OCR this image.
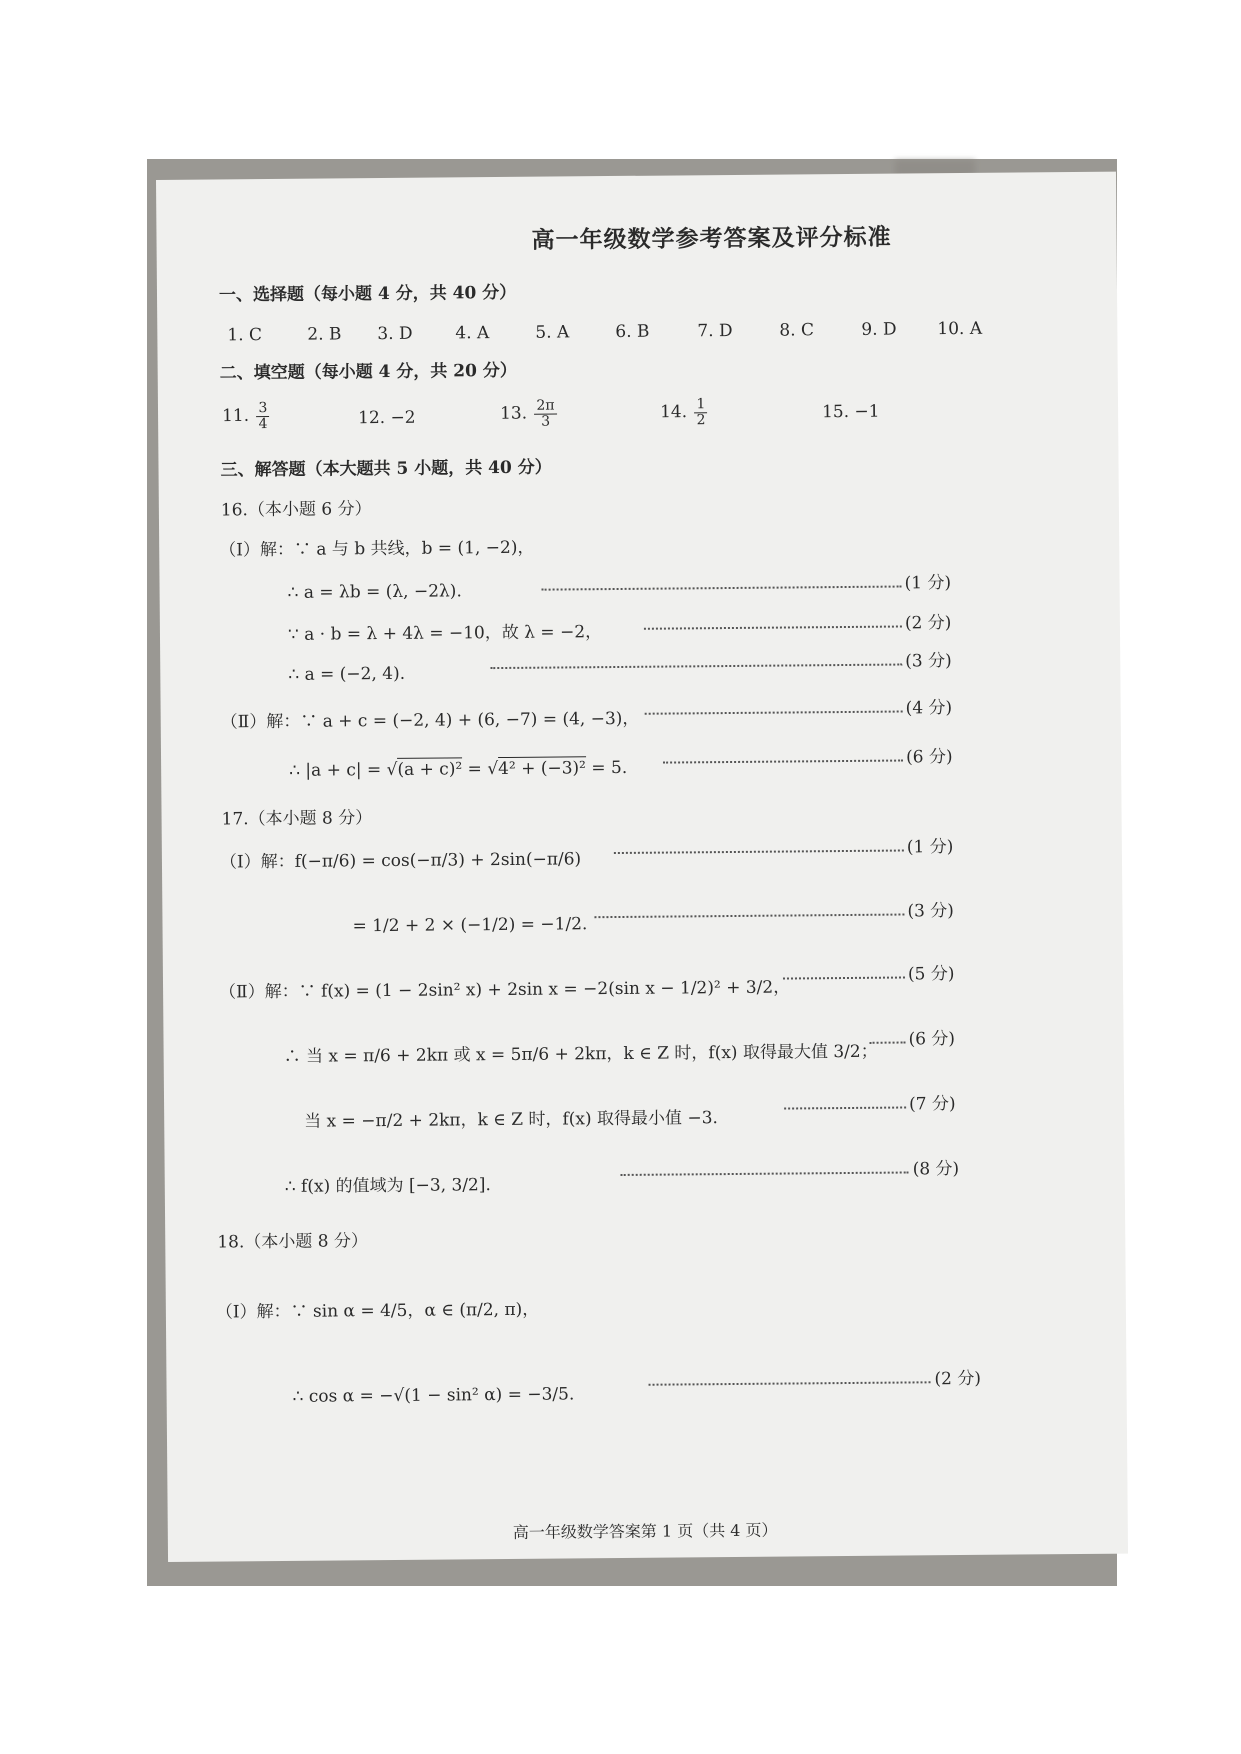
高一年级数学参考答案及评分标准
一、选择题（每小题 4 分，共 40 分）
1. C	2. B 3. D	4. A	5. A	6. B	7. D	8. C	9. D 10. A
二、填空题（每小题 4 分，共 20 分）
11. $\frac{3}{4}$	12. −2	13. $\frac{2\pi}{3}$	14. $\frac{1}{2}$	15. −1
三、解答题（本大题共 5 小题，共 40 分）
16.（本小题 6 分）
（Ⅰ）解：∵ a 与 b 共线，b = (1, −2)，
∴ a = λb = (λ, −2λ).	(1 分)
∵ a · b = λ + 4λ = −10，故 λ = −2，	(2 分)
∴ a = (−2, 4).
(3 分)
（Ⅱ）解：∵ a + c = (−2, 4) + (6, −7) = (4, −3)，
(4 分)
∴ |a + c| = √(a + c)² = √4² + (−3)² = 5.
(6 分)
17.（本小题 8 分）
（Ⅰ）解：f(−π/6) = cos(−π/3) + 2sin(−π/6)
(1 分)
= 1/2 + 2 × (−1/2) = −1/2.
(3 分)
（Ⅱ）解：∵ f(x) = (1 − 2sin² x) + 2sin x = −2(sin x − 1/2)² + 3/2，
(5 分)
∴ 当 x = π/6 + 2kπ 或 x = 5π/6 + 2kπ，k ∈ Z 时，f(x) 取得最大值 3/2；
(6 分)
当 x = −π/2 + 2kπ，k ∈ Z 时，f(x) 取得最小值 −3.
(7 分)
∴ f(x) 的值域为 [−3, 3/2].
(8 分)
18.（本小题 8 分）
（Ⅰ）解：∵ sin α = 4/5，α ∈ (π/2, π)，
∴ cos α = −√(1 − sin² α) = −3/5.
(2 分)
高一年级数学答案第 1 页（共 4 页）
